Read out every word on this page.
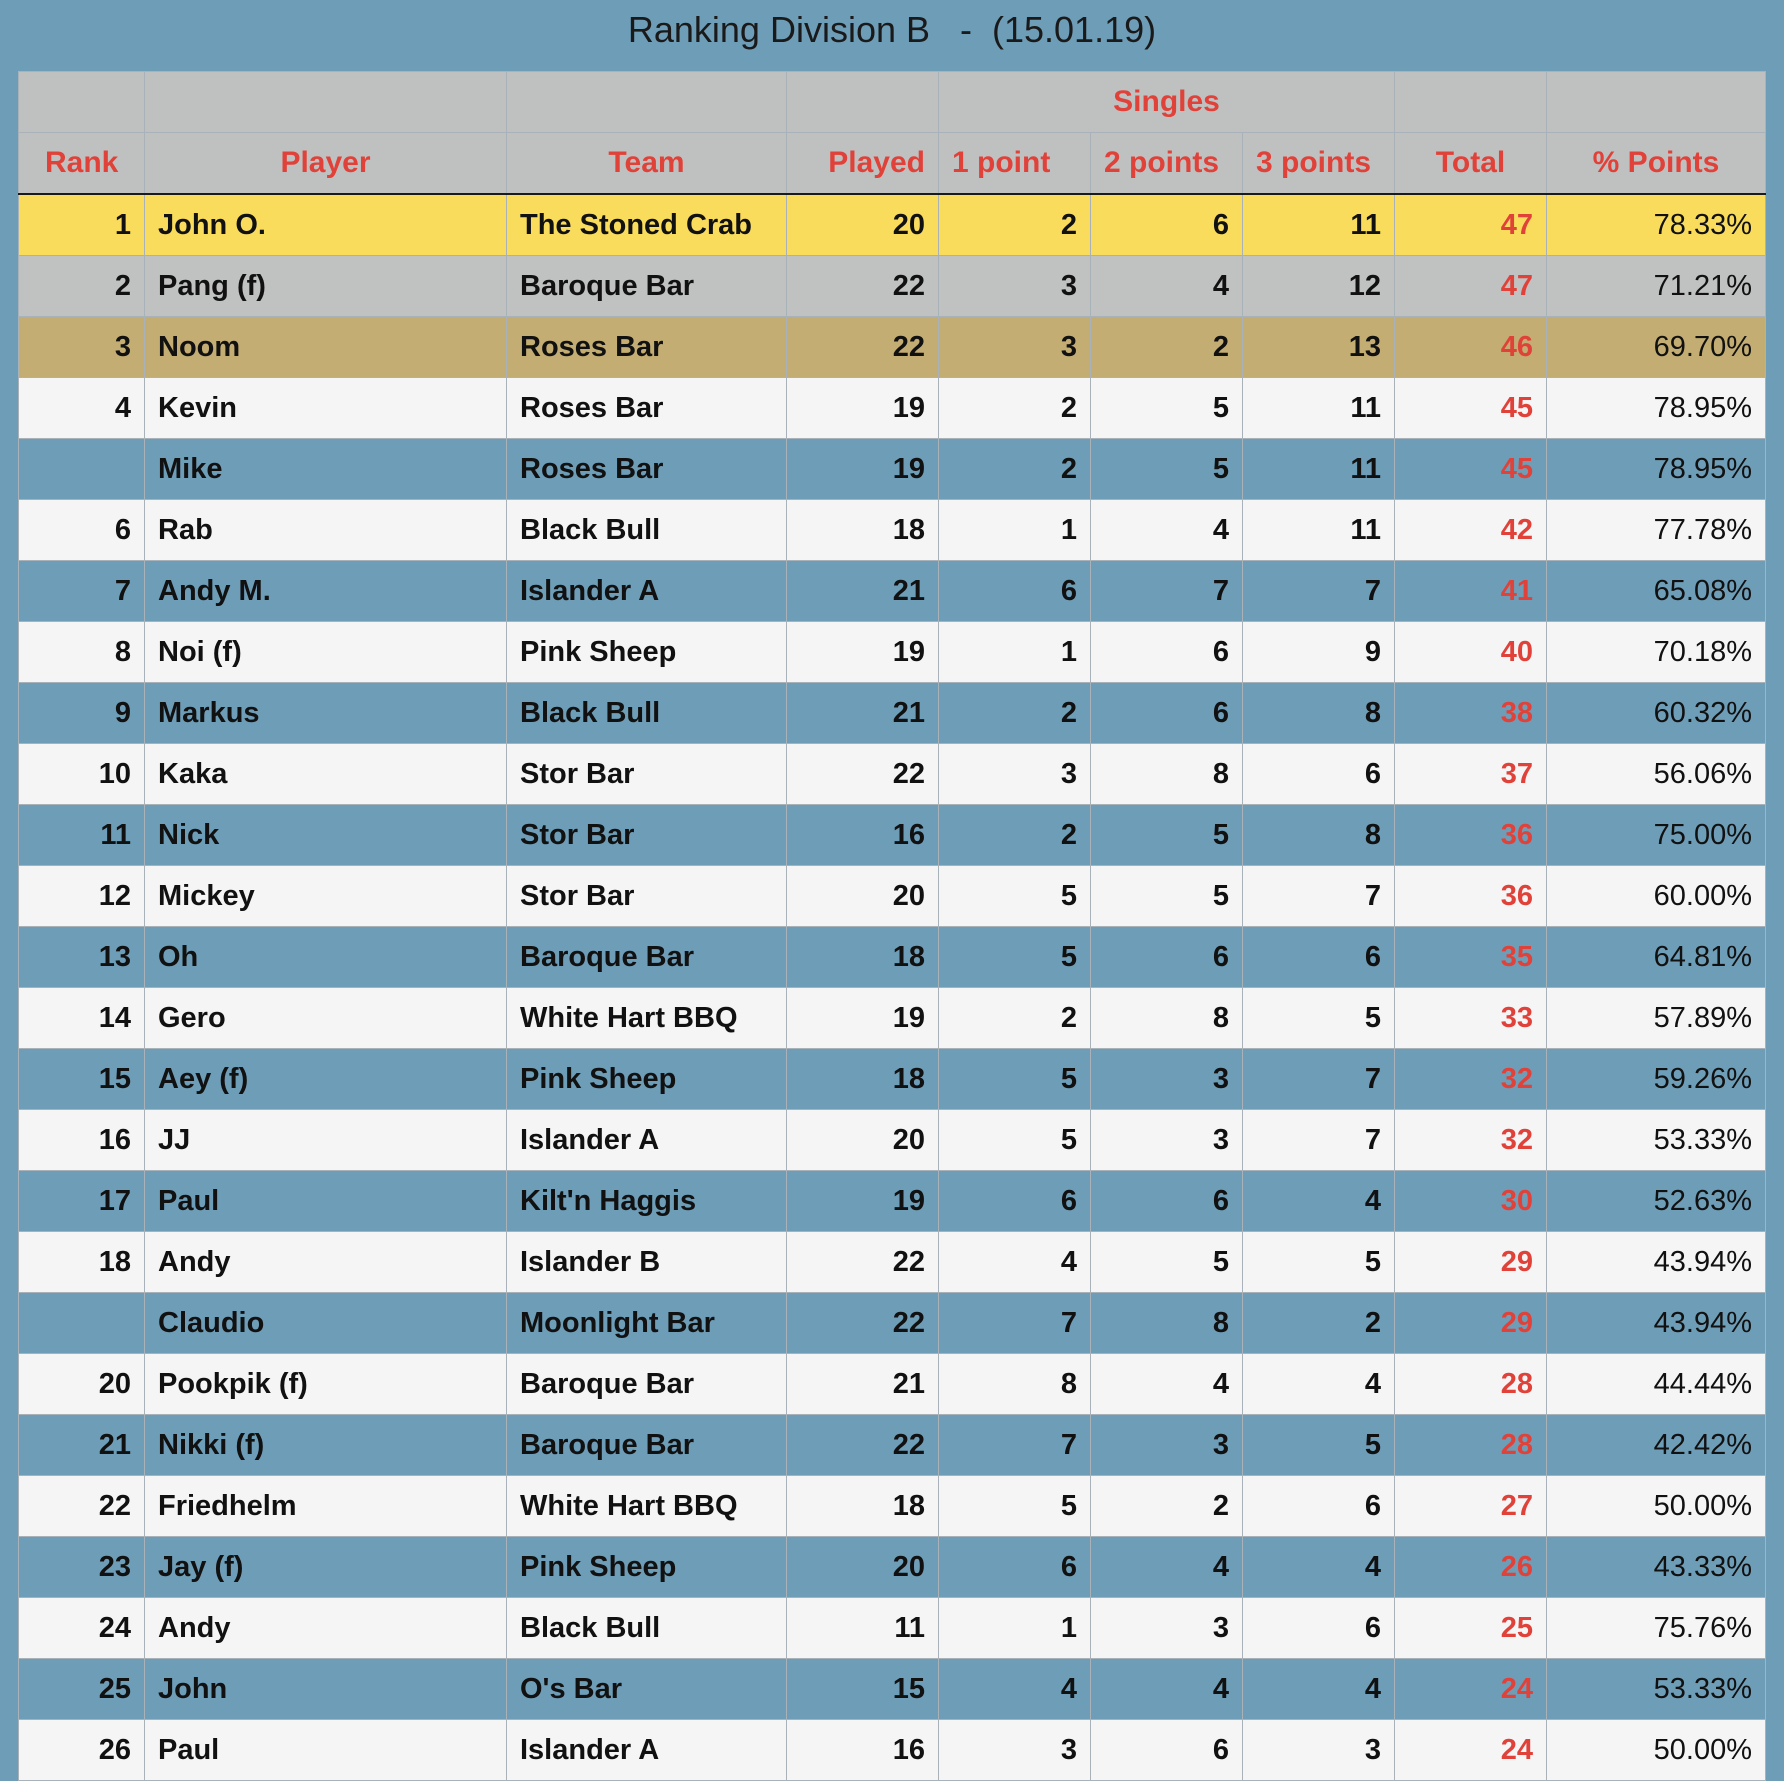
Ranking Division B   -  (15.01.19)
				Singles				
Rank	Player	Team	Played	1 point	2 points	3 points	Total	% Points
1	John O.	The Stoned Crab	20	2	6	11	47	78.33%
2	Pang (f)	Baroque Bar	22	3	4	12	47	71.21%
3	Noom	Roses Bar	22	3	2	13	46	69.70%
4	Kevin	Roses Bar	19	2	5	11	45	78.95%
	Mike	Roses Bar	19	2	5	11	45	78.95%
6	Rab	Black Bull	18	1	4	11	42	77.78%
7	Andy M.	Islander A	21	6	7	7	41	65.08%
8	Noi (f)	Pink Sheep	19	1	6	9	40	70.18%
9	Markus	Black Bull	21	2	6	8	38	60.32%
10	Kaka	Stor Bar	22	3	8	6	37	56.06%
11	Nick	Stor Bar	16	2	5	8	36	75.00%
12	Mickey	Stor Bar	20	5	5	7	36	60.00%
13	Oh	Baroque Bar	18	5	6	6	35	64.81%
14	Gero	White Hart BBQ	19	2	8	5	33	57.89%
15	Aey (f)	Pink Sheep	18	5	3	7	32	59.26%
16	JJ	Islander A	20	5	3	7	32	53.33%
17	Paul	Kilt'n Haggis	19	6	6	4	30	52.63%
18	Andy	Islander B	22	4	5	5	29	43.94%
	Claudio	Moonlight Bar	22	7	8	2	29	43.94%
20	Pookpik (f)	Baroque Bar	21	8	4	4	28	44.44%
21	Nikki (f)	Baroque Bar	22	7	3	5	28	42.42%
22	Friedhelm	White Hart BBQ	18	5	2	6	27	50.00%
23	Jay (f)	Pink Sheep	20	6	4	4	26	43.33%
24	Andy	Black Bull	11	1	3	6	25	75.76%
25	John	O's Bar	15	4	4	4	24	53.33%
26	Paul	Islander A	16	3	6	3	24	50.00%
